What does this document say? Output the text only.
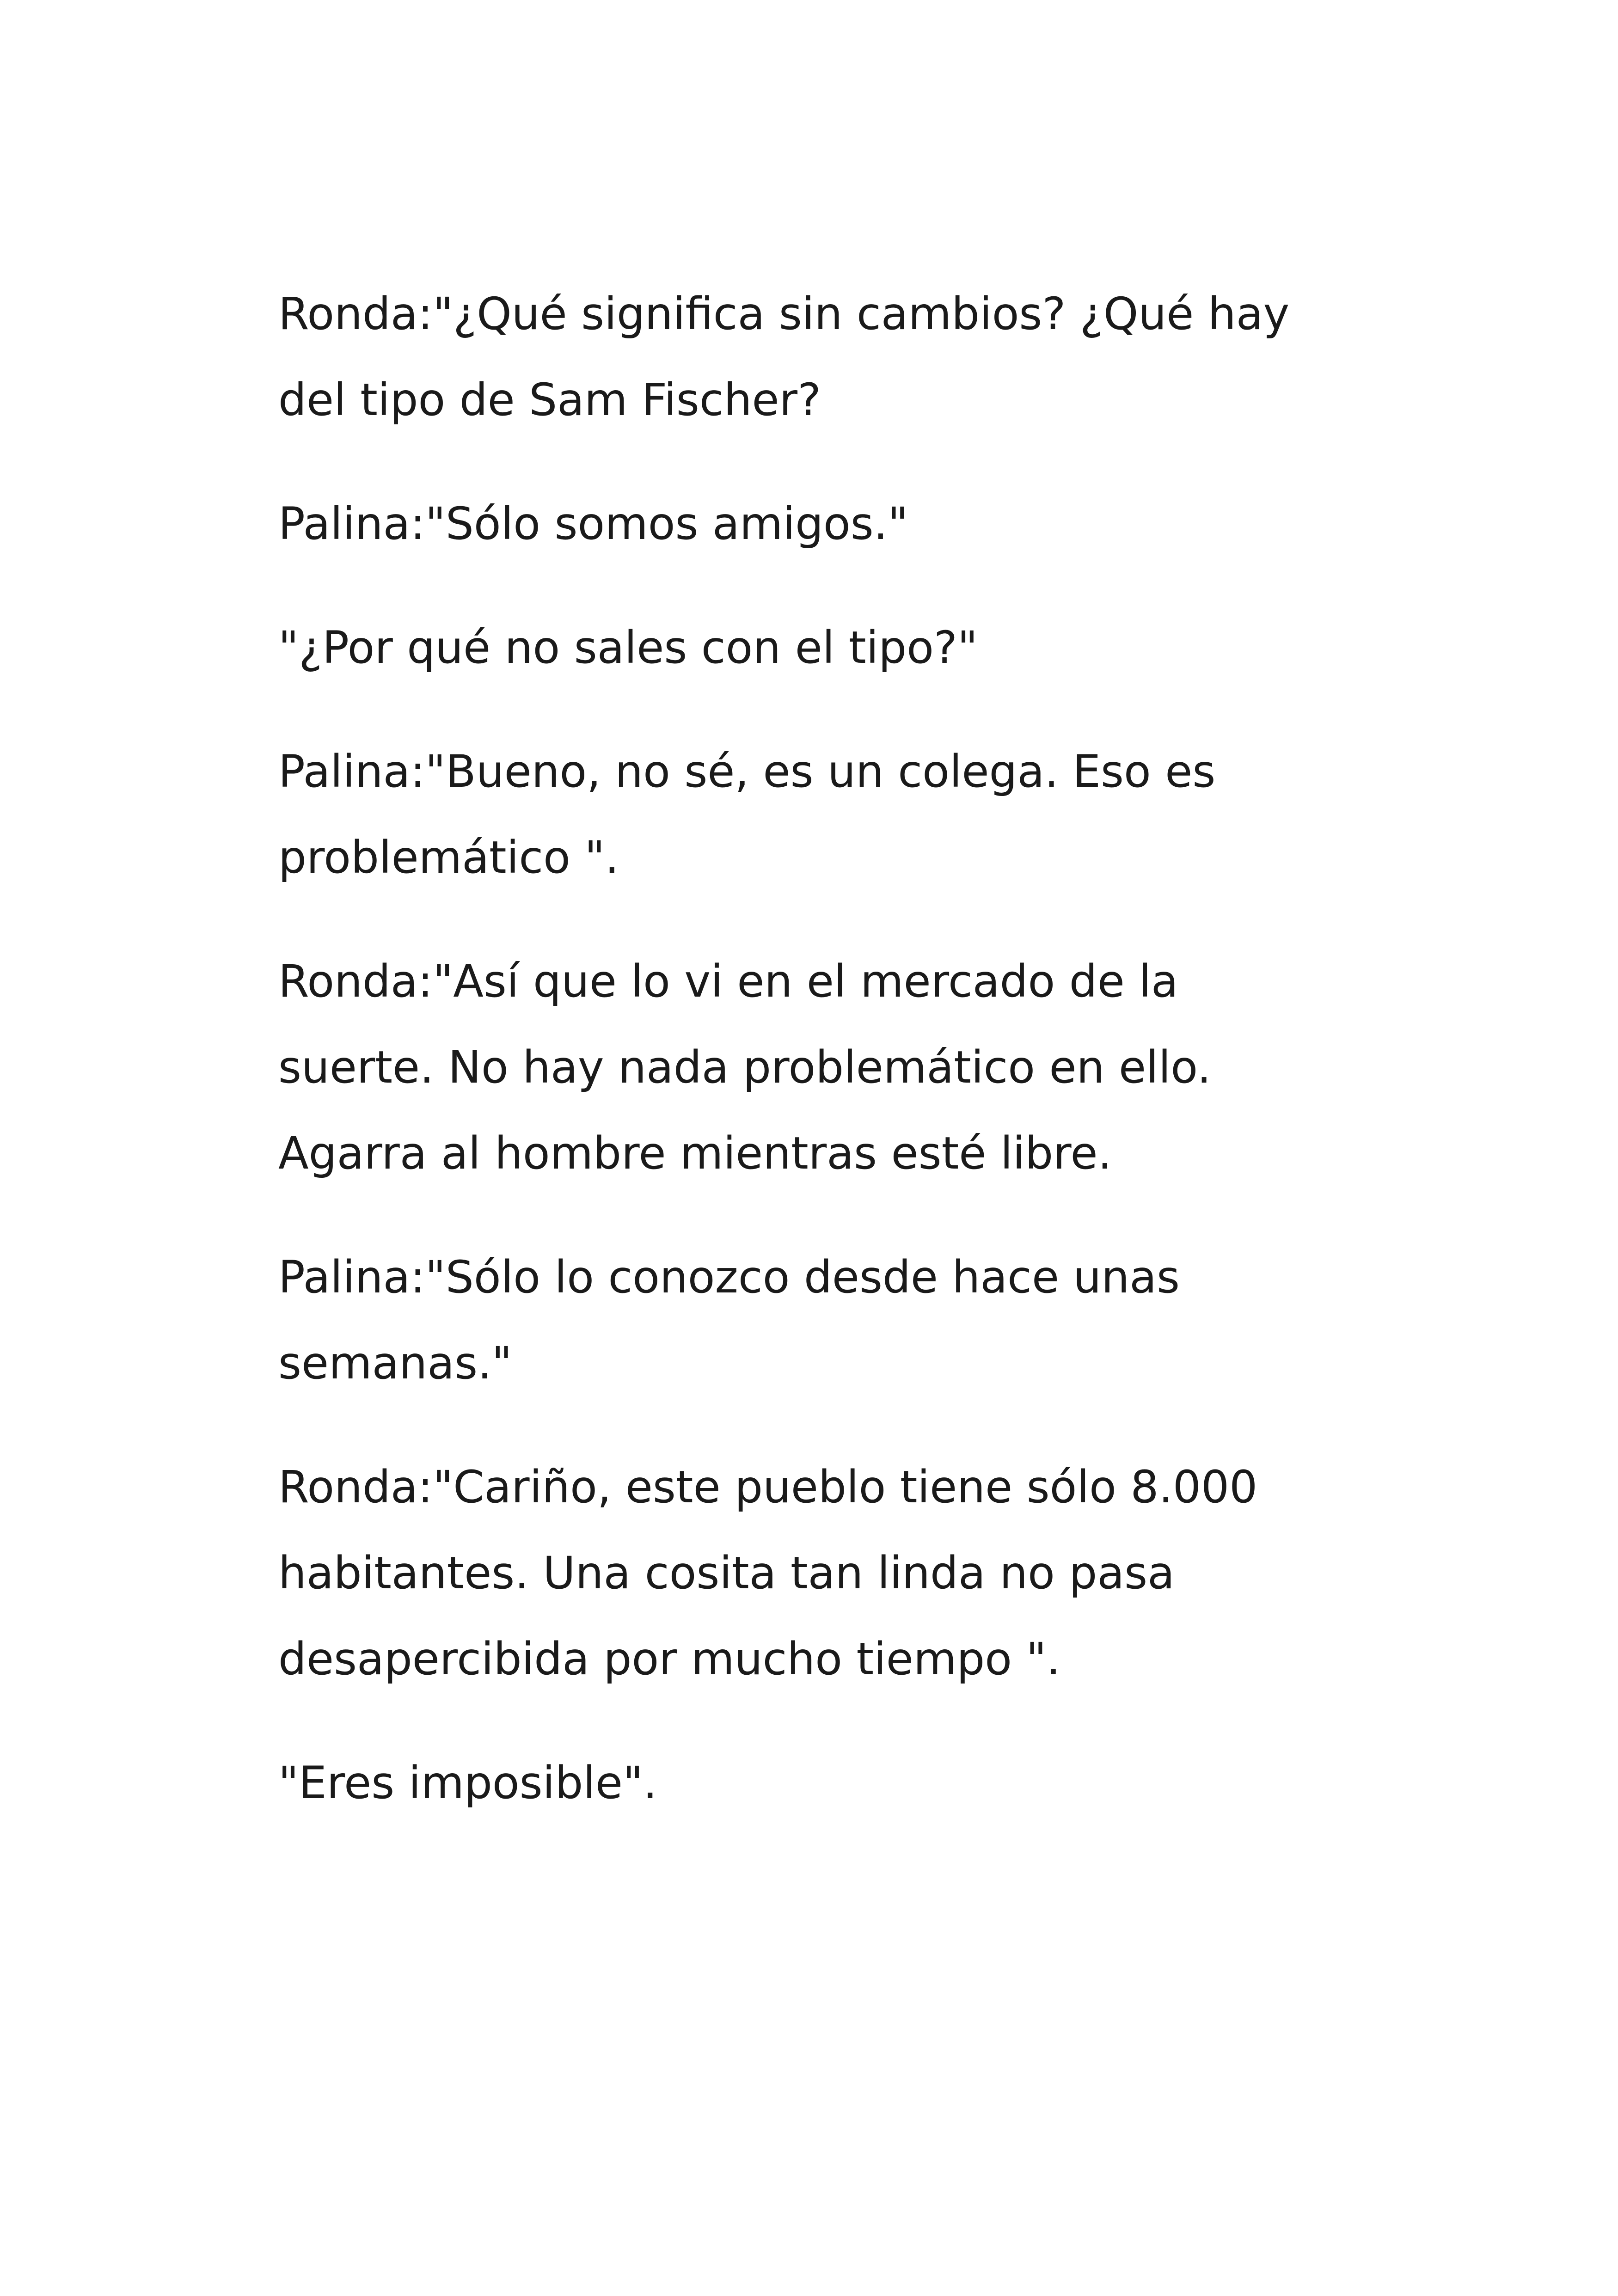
Ronda:"¿Qué significa sin cambios? ¿Qué hay
del tipo de Sam Fischer?

Palina:"Sólo somos amigos."

"¿Por qué no sales con el tipo?"

Palina:"Bueno, no sé, es un colega. Eso es
problemático ".

Ronda:"Así que lo vi en el mercado de la
suerte. No hay nada problemático en ello.
Agarra al hombre mientras esté libre.

Palina:"Sólo lo conozco desde hace unas
semanas."

Ronda:"Cariño, este pueblo tiene sólo 8.000
habitantes. Una cosita tan linda no pasa
desapercibida por mucho tiempo ".

"Eres imposible".
